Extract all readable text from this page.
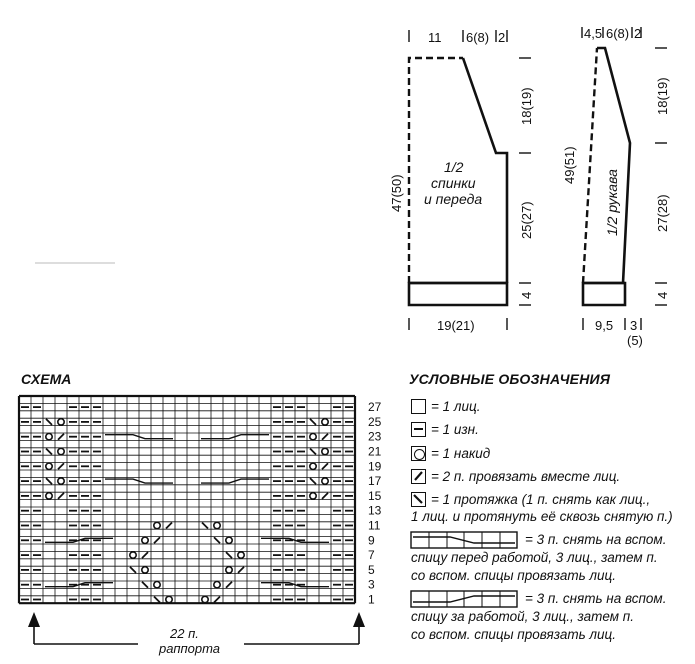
11 6(8) 2
18(19)
25(27)
4
47(50)
19(21)
1/2
спинки
и переда
4,5 6(8) 2
18(19)
27(28)
4
49(51)
1/2 рукава
9,5 3
(5)
СХЕМА
1
3
5
7
9
11
13
15
17
19
21
23
25
27
22 п.
раппорта
УСЛОВНЫЕ ОБОЗНАЧЕНИЯ
= 1 лиц.
= 1 изн.
= 1 накид
= 2 п. провязать вместе лиц.
= 1 протяжка (1 п. снять как лиц.,
1 лиц. и протянуть её сквозь снятую п.)
= 3 п. снять на вспом.
спицу перед работой, 3 лиц., затем п.
со вспом. спицы провязать лиц.
= 3 п. снять на вспом.
спицу за работой, 3 лиц., затем п.
со вспом. спицы провязать лиц.
